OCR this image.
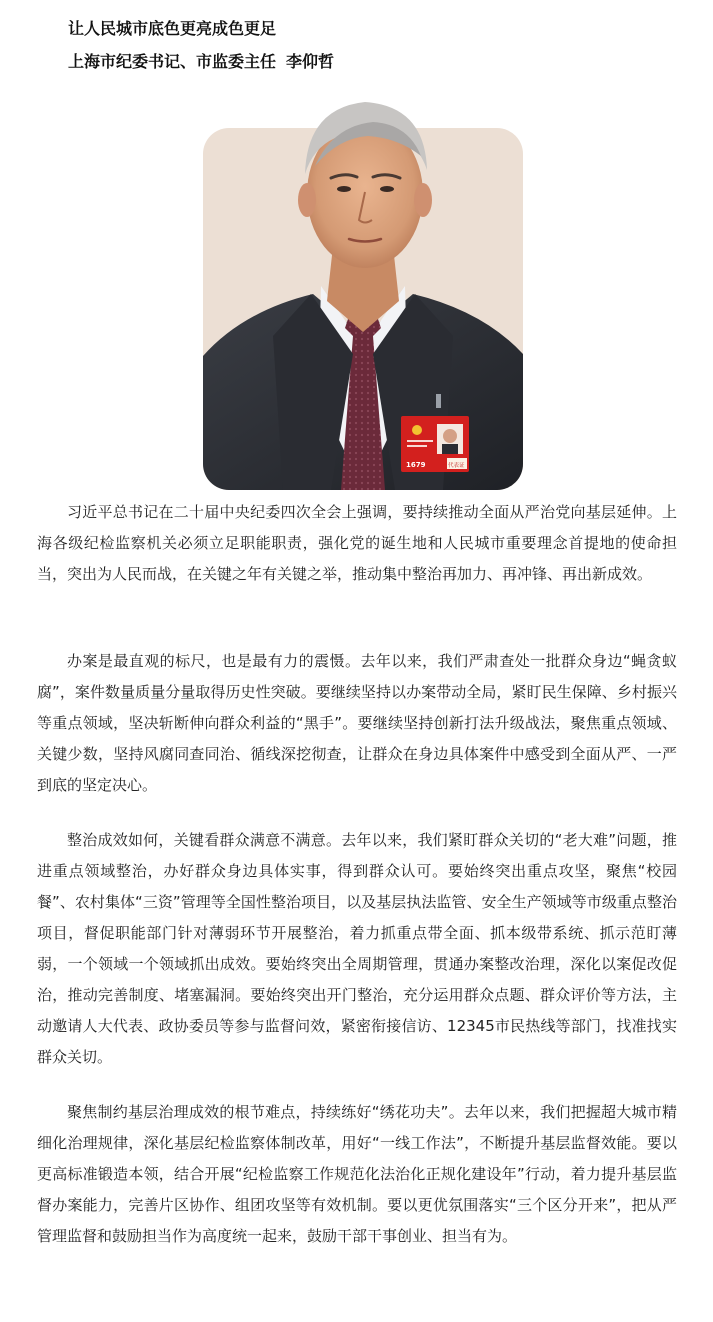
让人民城市底色更亮成色更足
上海市纪委书记、市监委主任 李仰哲
1679	代表证

习近平总书记在二十届中央纪委四次全会上强调，要持续推动全面从严治党向基层延伸。上海各级纪检监察机关必须立足职能职责，强化党的诞生地和人民城市重要理念首提地的使命担当，突出为人民而战，在关键之年有关键之举，推动集中整治再加力、再冲锋、再出新成效。

办案是最直观的标尺，也是最有力的震慑。去年以来，我们严肃查处一批群众身边“蝇贪蚁腐”，案件数量质量分量取得历史性突破。要继续坚持以办案带动全局，紧盯民生保障、乡村振兴等重点领域，坚决斩断伸向群众利益的“黑手”。要继续坚持创新打法升级战法，聚焦重点领域、关键少数，坚持风腐同查同治、循线深挖彻查，让群众在身边具体案件中感受到全面从严、一严到底的坚定决心。

整治成效如何，关键看群众满意不满意。去年以来，我们紧盯群众关切的“老大难”问题，推进重点领域整治，办好群众身边具体实事，得到群众认可。要始终突出重点攻坚，聚焦“校园餐”、农村集体“三资”管理等全国性整治项目，以及基层执法监管、安全生产领域等市级重点整治项目，督促职能部门针对薄弱环节开展整治，着力抓重点带全面、抓本级带系统、抓示范盯薄弱，一个领域一个领域抓出成效。要始终突出全周期管理，贯通办案整改治理，深化以案促改促治，推动完善制度、堵塞漏洞。要始终突出开门整治，充分运用群众点题、群众评价等方法，主动邀请人大代表、政协委员等参与监督问效，紧密衔接信访、12345市民热线等部门，找准找实群众关切。

聚焦制约基层治理成效的根节难点，持续练好“绣花功夫”。去年以来，我们把握超大城市精细化治理规律，深化基层纪检监察体制改革，用好“一线工作法”，不断提升基层监督效能。要以更高标准锻造本领，结合开展“纪检监察工作规范化法治化正规化建设年”行动，着力提升基层监督办案能力，完善片区协作、组团攻坚等有效机制。要以更优氛围落实“三个区分开来”，把从严管理监督和鼓励担当作为高度统一起来，鼓励干部干事创业、担当有为。
